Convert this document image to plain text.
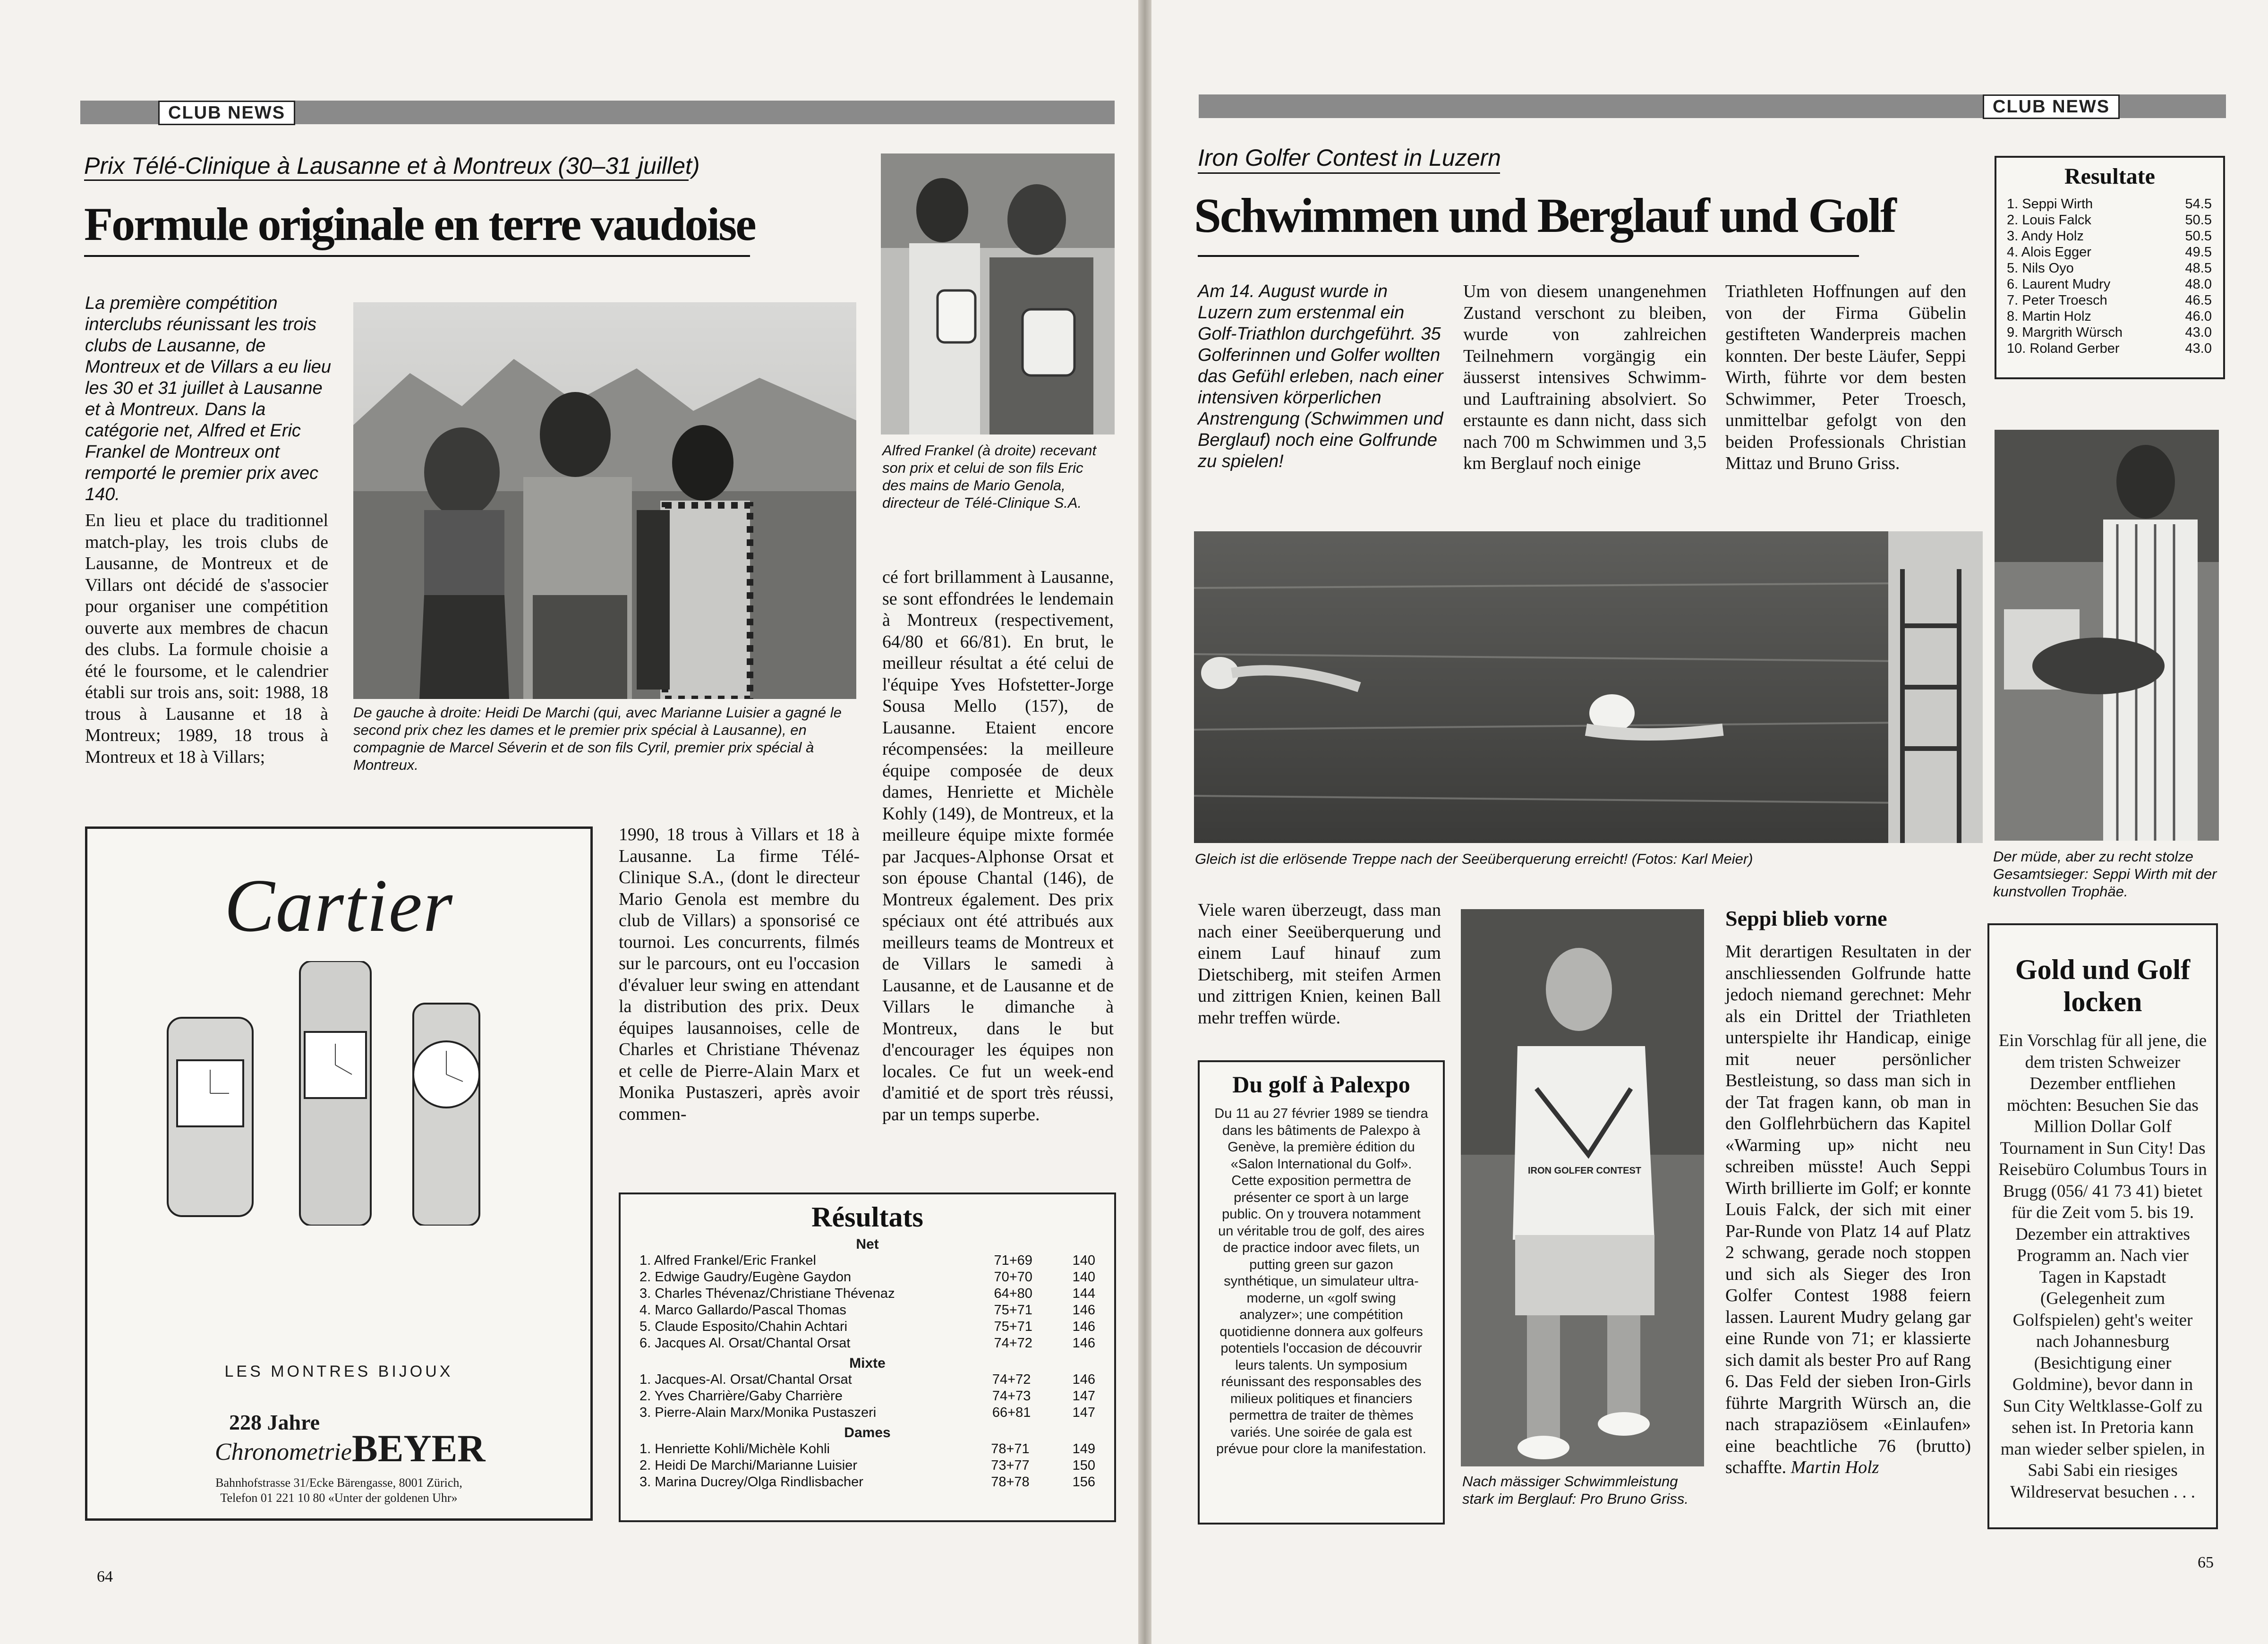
CLUB NEWS
Prix Télé-Clinique à Lausanne et à Montreux (30–31 juillet)
Formule originale en terre vaudoise
La première compétition interclubs réunissant les trois clubs de Lausanne, de Montreux et de Villars a eu lieu les 30 et 31 juillet à Lausanne et à Montreux. Dans la catégorie net, Alfred et Eric Frankel de Montreux ont remporté le premier prix avec 140.
En lieu et place du traditionnel match-play, les trois clubs de Lausanne, de Montreux et de Villars ont décidé de s'associer pour organiser une compétition ouverte aux membres de chacun des clubs. La formule choisie a été le foursome, et le calendrier établi sur trois ans, soit: 1988, 18 trous à Lausanne et 18 à Montreux; 1989, 18 trous à Montreux et 18 à Villars;
De gauche à droite: Heidi De Marchi (qui, avec Marianne Luisier a gagné le second prix chez les dames et le premier prix spécial à Lausanne), en compagnie de Marcel Séverin et de son fils Cyril, premier prix spécial à Montreux.
Alfred Frankel (à droite) recevant son prix et celui de son fils Eric des mains de Mario Genola, directeur de Télé-Clinique S.A.
cé fort brillamment à Lausanne, se sont effondrées le lendemain à Montreux (respectivement, 64/80 et 66/81). En brut, le meilleur résultat a été celui de l'équipe Yves Hofstetter-Jorge Sousa Mello (157), de Lausanne. Etaient encore récompensées: la meilleure équipe composée de deux dames, Henriette et Michèle Kohly (149), de Montreux, et la meilleure équipe mixte formée par Jacques-Alphonse Orsat et son épouse Chantal (146), de Montreux également. Des prix spéciaux ont été attribués aux meilleurs teams de Montreux et de Villars le samedi à Lausanne, et de Lausanne et de Villars le dimanche à Montreux, dans le but d'encourager les équipes non locales. Ce fut un week-end d'amitié et de sport très réussi, par un temps superbe.
Cartier
LES MONTRES BIJOUX
228 Jahre
Chronometrie BEYER
Bahnhofstrasse 31/Ecke Bärengasse, 8001 Zürich,
Telefon 01 221 10 80 «Unter der goldenen Uhr»
1990, 18 trous à Villars et 18 à Lausanne. La firme Télé-Clinique S.A., (dont le directeur Mario Genola est membre du club de Villars) a sponsorisé ce tournoi. Les concurrents, filmés sur le parcours, ont eu l'occasion d'évaluer leur swing en attendant la distribution des prix. Deux équipes lausannoises, celle de Charles et Christiane Thévenaz et celle de Pierre-Alain Marx et Monika Pustaszeri, après avoir commen-
Résultats
Net
1. Alfred Frankel/Eric Frankel	71+69	140
2. Edwige Gaudry/Eugène Gaydon	70+70	140
3. Charles Thévenaz/Christiane Thévenaz	64+80	144
4. Marco Gallardo/Pascal Thomas	75+71	146
5. Claude Esposito/Chahin Achtari	75+71	146
6. Jacques Al. Orsat/Chantal Orsat	74+72	146
Mixte
1. Jacques-Al. Orsat/Chantal Orsat	74+72	146
2. Yves Charrière/Gaby Charrière	74+73	147
3. Pierre-Alain Marx/Monika Pustaszeri	66+81	147
Dames
1. Henriette Kohli/Michèle Kohli	78+71	149
2. Heidi De Marchi/Marianne Luisier	73+77	150
3. Marina Ducrey/Olga Rindlisbacher	78+78	156
64
CLUB NEWS
Iron Golfer Contest in Luzern
Schwimmen und Berglauf und Golf
Am 14. August wurde in Luzern zum erstenmal ein Golf-Triathlon durchgeführt. 35 Golferinnen und Golfer wollten das Gefühl erleben, nach einer intensiven körperlichen Anstrengung (Schwimmen und Berglauf) noch eine Golfrunde zu spielen!
Um von diesem unangenehmen Zustand verschont zu bleiben, wurde von zahlreichen Teilnehmern vorgängig ein äusserst intensives Schwimm- und Lauftraining absolviert. So erstaunte es dann nicht, dass sich nach 700 m Schwimmen und 3,5 km Berglauf noch einige
Triathleten Hoffnungen auf den von der Firma Gübelin gestifteten Wanderpreis machen konnten. Der beste Läufer, Seppi Wirth, führte vor dem besten Schwimmer, Peter Troesch, unmittelbar gefolgt von den beiden Professionals Christian Mittaz und Bruno Griss.
Resultate
1. Seppi Wirth	54.5
2. Louis Falck	50.5
3. Andy Holz	50.5
4. Alois Egger	49.5
5. Nils Oyo	48.5
6. Laurent Mudry	48.0
7. Peter Troesch	46.5
8. Martin Holz	46.0
9. Margrith Würsch	43.0
10. Roland Gerber	43.0
Gleich ist die erlösende Treppe nach der Seeüberquerung erreicht! (Fotos: Karl Meier)	Der müde, aber zu recht stolze Gesamtsieger: Seppi Wirth mit der kunstvollen Trophäe.
Viele waren überzeugt, dass man nach einer Seeüberquerung und einem Lauf hinauf zum Dietschiberg, mit steifen Armen und zittrigen Knien, keinen Ball mehr treffen würde.
Du golf à Palexpo
Du 11 au 27 février 1989 se tiendra dans les bâtiments de Palexpo à Genève, la première édition du «Salon International du Golf». Cette exposition permettra de présenter ce sport à un large public. On y trouvera notamment un véritable trou de golf, des aires de practice indoor avec filets, un putting green sur gazon synthétique, un simulateur ultra-moderne, un «golf swing analyzer»; une compétition quotidienne donnera aux golfeurs potentiels l'occasion de découvrir leurs talents. Un symposium réunissant des responsables des milieux politiques et financiers permettra de traiter de thèmes variés. Une soirée de gala est prévue pour clore la manifestation.
IRON GOLFER CONTEST
Nach mässiger Schwimmleistung stark im Berglauf: Pro Bruno Griss.
Seppi blieb vorne
Mit derartigen Resultaten in der anschliessenden Golfrunde hatte jedoch niemand gerechnet: Mehr als ein Drittel der Triathleten unterspielte ihr Handicap, einige mit neuer persönlicher Bestleistung, so dass man sich in der Tat fragen kann, ob man in den Golflehrbüchern das Kapitel «Warming up» nicht neu schreiben müsste! Auch Seppi Wirth brillierte im Golf; er konnte Louis Falck, der sich mit einer Par-Runde von Platz 14 auf Platz 2 schwang, gerade noch stoppen und sich als Sieger des Iron Golfer Contest 1988 feiern lassen. Laurent Mudry gelang gar eine Runde von 71; er klassierte sich damit als bester Pro auf Rang 6. Das Feld der sieben Iron-Girls führte Margrith Würsch an, die nach strapaziösem «Einlaufen» eine beachtliche 76 (brutto) schaffte. Martin Holz
Gold und Golf locken
Ein Vorschlag für all jene, die dem tristen Schweizer Dezember entfliehen möchten: Besuchen Sie das Million Dollar Golf Tournament in Sun City! Das Reisebüro Columbus Tours in Brugg (056/ 41 73 41) bietet für die Zeit vom 5. bis 19. Dezember ein attraktives Programm an. Nach vier Tagen in Kapstadt (Gelegenheit zum Golfspielen) geht's weiter nach Johannesburg (Besichtigung einer Goldmine), bevor dann in Sun City Weltklasse-Golf zu sehen ist. In Pretoria kann man wieder selber spielen, in Sabi Sabi ein riesiges Wildreservat besuchen . . .
65
